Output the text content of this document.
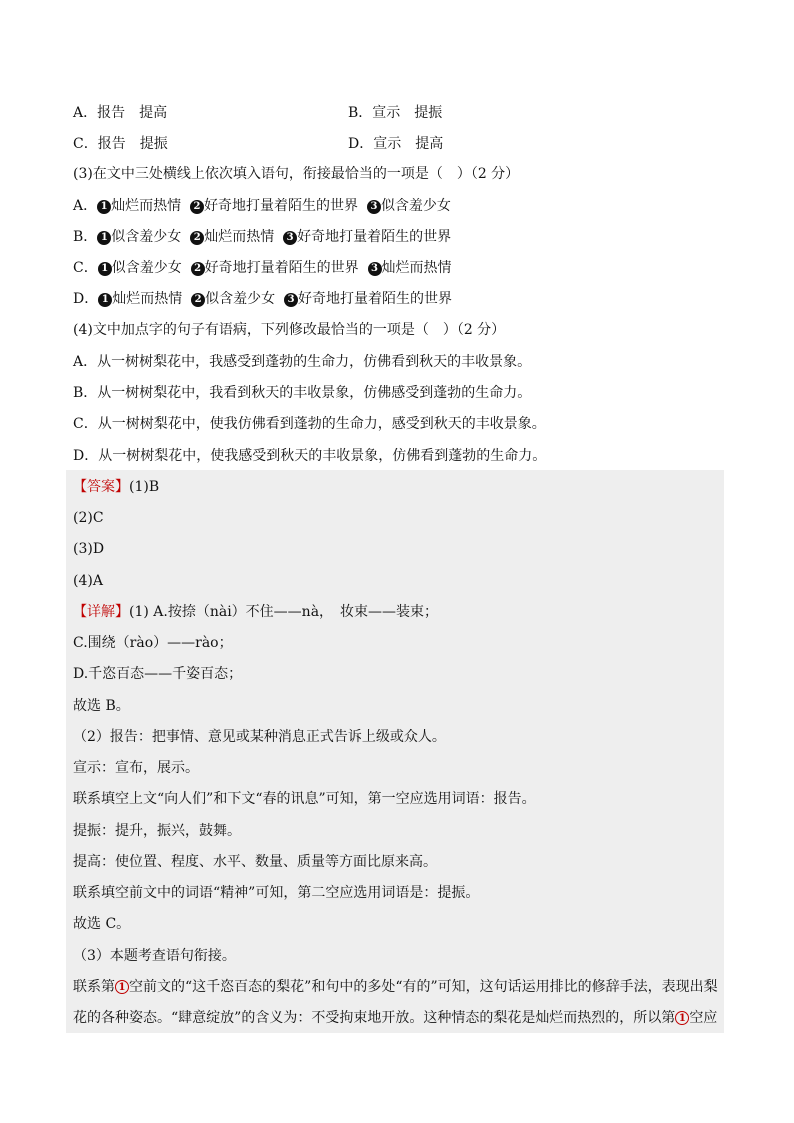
A．报告　提高	B．宣示　提振
C．报告　提振	D．宣示　提高
(3)在文中三处横线上依次填入语句，衔接最恰当的一项是（　）（2 分）
A． 1 灿烂而热情 2 好奇地打量着陌生的世界 3 似含羞少女
B． 1 似含羞少女 2 灿烂而热情 3 好奇地打量着陌生的世界
C． 1 似含羞少女 2 好奇地打量着陌生的世界 3 灿烂而热情
D． 1 灿烂而热情 2 似含羞少女 3 好奇地打量着陌生的世界
(4)文中加点字的句子有语病，下列修改最恰当的一项是（　）（2 分）
A．从一树树梨花中，我感受到蓬勃的生命力，仿佛看到秋天的丰收景象。
B．从一树树梨花中，我看到秋天的丰收景象，仿佛感受到蓬勃的生命力。
C．从一树树梨花中，使我仿佛看到蓬勃的生命力，感受到秋天的丰收景象。
D．从一树树梨花中，使我感受到秋天的丰收景象，仿佛看到蓬勃的生命力。
【答案】(1)B
(2)C
(3)D
(4)A
【详解】(1) A.按捺（nài）不住——nà，　妆束——装束；
C.围绕（rào）——rào；
D.千恣百态——千姿百态；
故选 B。
（2）报告：把事情、意见或某种消息正式告诉上级或众人。
宣示：宣布，展示。
联系填空上文“向人们”和下文“春的讯息”可知，第一空应选用词语：报告。
提振：提升，振兴，鼓舞。
提高：使位置、程度、水平、数量、质量等方面比原来高。
联系填空前文中的词语“精神”可知，第二空应选用词语是：提振。
故选 C。
（3）本题考查语句衔接。
联系第 1 空前文的“这千恣百态的梨花”和句中的多处“有的”可知，这句话运用排比的修辞手法，表现出梨
花的各种姿态。“肆意绽放”的含义为：不受拘束地开放。这种情态的梨花是灿烂而热烈的，所以第 1 空应
